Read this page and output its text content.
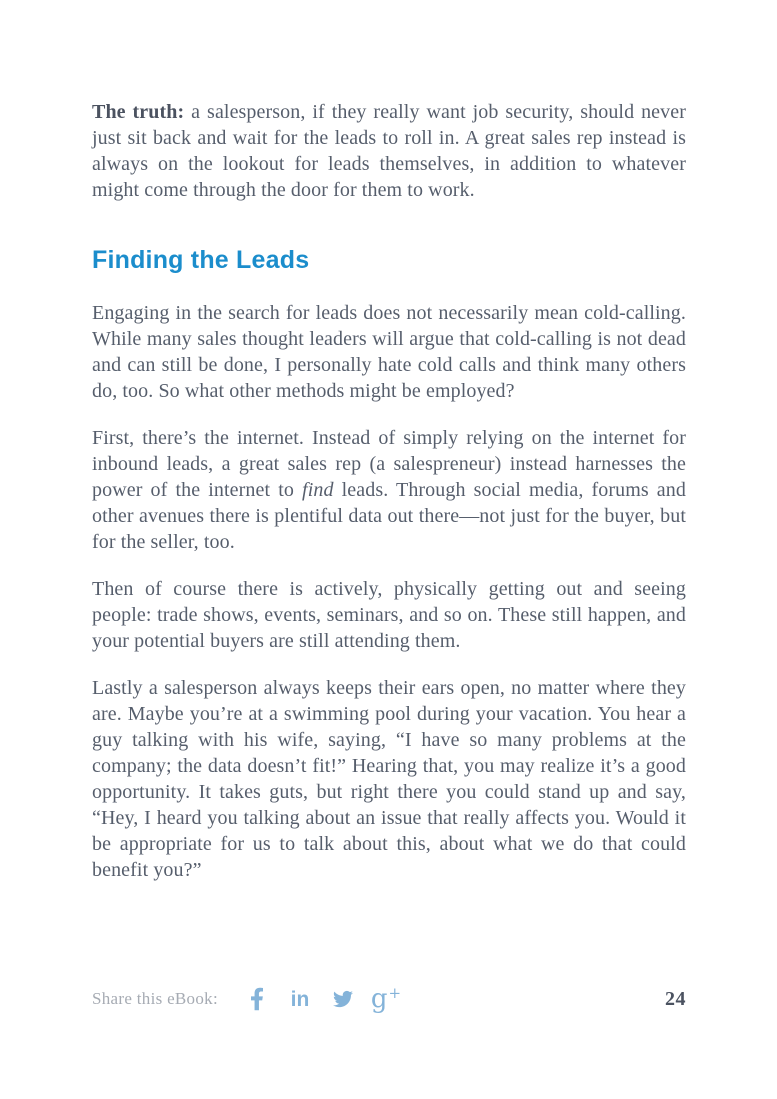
The truth: a salesperson, if they really want job security, should never just sit back and wait for the leads to roll in. A great sales rep instead is always on the lookout for leads themselves, in addition to whatever might come through the door for them to work.

Finding the Leads

Engaging in the search for leads does not necessarily mean cold-calling. While many sales thought leaders will argue that cold-calling is not dead and can still be done, I personally hate cold calls and think many others do, too. So what other methods might be employed?

First, there’s the internet. Instead of simply relying on the internet for inbound leads, a great sales rep (a salespreneur) instead harnesses the power of the internet to find leads. Through social media, forums and other avenues there is plentiful data out there—not just for the buyer, but for the seller, too.

Then of course there is actively, physically getting out and seeing people: trade shows, events, seminars, and so on. These still happen, and your potential buyers are still attending them.

Lastly a salesperson always keeps their ears open, no matter where they are. Maybe you’re at a swimming pool during your vacation. You hear a guy talking with his wife, saying, “I have so many problems at the company; the data doesn’t fit!” Hearing that, you may realize it’s a good opportunity. It takes guts, but right there you could stand up and say, “Hey, I heard you talking about an issue that really affects you. Would it be appropriate for us to talk about this, about what we do that could benefit you?”

Share this eBook:	in g+	24
